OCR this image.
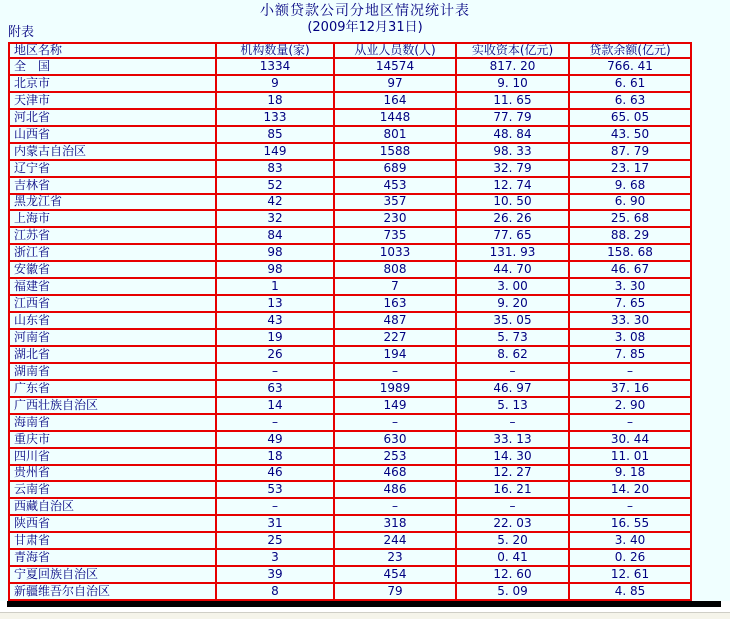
小额贷款公司分地区情况统计表
(2009年12月31日)
附表
地区名称	机构数量(家)	从业人员数(人)	实收资本(亿元)	贷款余额(亿元)
全　国	1334	14574	817. 20	766. 41
北京市	9	97	9. 10	6. 61
天津市	18	164	11. 65	6. 63
河北省	133	1448	77. 79	65. 05
山西省	85	801	48. 84	43. 50
内蒙古自治区	149	1588	98. 33	87. 79
辽宁省	83	689	32. 79	23. 17
吉林省	52	453	12. 74	9. 68
黑龙江省	42	357	10. 50	6. 90
上海市	32	230	26. 26	25. 68
江苏省	84	735	77. 65	88. 29
浙江省	98	1033	131. 93	158. 68
安徽省	98	808	44. 70	46. 67
福建省	1	7	3. 00	3. 30
江西省	13	163	9. 20	7. 65
山东省	43	487	35. 05	33. 30
河南省	19	227	5. 73	3. 08
湖北省	26	194	8. 62	7. 85
湖南省	–	–	–	–
广东省	63	1989	46. 97	37. 16
广西壮族自治区	14	149	5. 13	2. 90
海南省	–	–	–	–
重庆市	49	630	33. 13	30. 44
四川省	18	253	14. 30	11. 01
贵州省	46	468	12. 27	9. 18
云南省	53	486	16. 21	14. 20
西藏自治区	–	–	–	–
陕西省	31	318	22. 03	16. 55
甘肃省	25	244	5. 20	3. 40
青海省	3	23	0. 41	0. 26
宁夏回族自治区	39	454	12. 60	12. 61
新疆维吾尔自治区	8	79	5. 09	4. 85
